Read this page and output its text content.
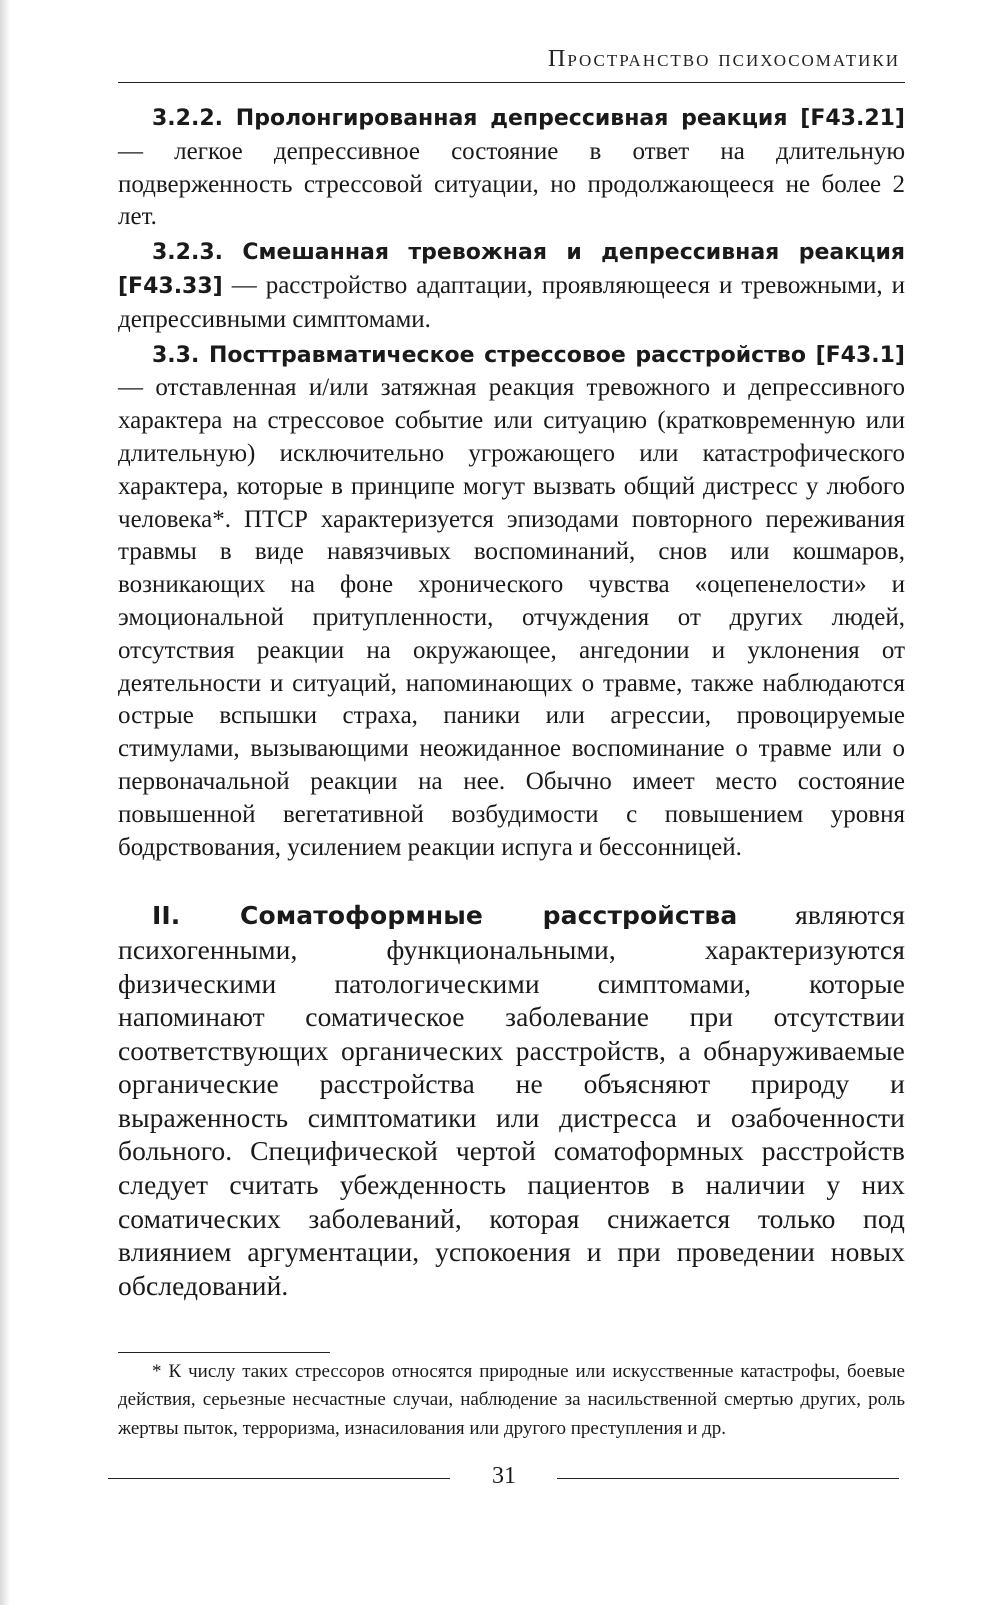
Пространство психосоматики

3.2.2. Пролонгированная депрессивная реакция [F43.21] — легкое депрессивное состояние в ответ на длительную подверженность стрессовой ситуации, но продолжающееся не более 2 лет.

3.2.3. Смешанная тревожная и депрессивная реакция [F43.33] — расстройство адаптации, проявляющееся и тревожными, и депрессивными симптомами.

3.3. Посттравматическое стрессовое расстройство [F43.1] — отставленная и/или затяжная реакция тревожного и депрессивного характера на стрессовое событие или ситуацию (кратковременную или длительную) исключительно угрожающего или катастрофического характера, которые в принципе могут вызвать общий дистресс у любого человека*. ПТСР характеризуется эпизодами повторного переживания травмы в виде навязчивых воспоминаний, снов или кошмаров, возникающих на фоне хронического чувства «оцепенелости» и эмоциональной притупленности, отчуждения от других людей, отсутствия реакции на окружающее, ангедонии и уклонения от деятельности и ситуаций, напоминающих о травме, также наблюдаются острые вспышки страха, паники или агрессии, провоцируемые стимулами, вызывающими неожиданное воспоминание о травме или о первоначальной реакции на нее. Обычно имеет место состояние повышенной вегетативной возбудимости с повышением уровня бодрствования, усилением реакции испуга и бессонницей.

II. Соматоформные расстройства являются психогенными, функциональными, характеризуются физическими патологическими симптомами, которые напоминают соматическое заболевание при отсутствии соответствующих органических расстройств, а обнаруживаемые органические расстройства не объясняют природу и выраженность симптоматики или дистресса и озабоченности больного. Специфической чертой соматоформных расстройств следует считать убежденность пациентов в наличии у них соматических заболеваний, которая снижается только под влиянием аргументации, успокоения и при проведении новых обследований.

* К числу таких стрессоров относятся природные или искусственные катастрофы, боевые действия, серьезные несчастные случаи, наблюдение за насильственной смертью других, роль жертвы пыток, терроризма, изнасилования или другого преступления и др.

31
